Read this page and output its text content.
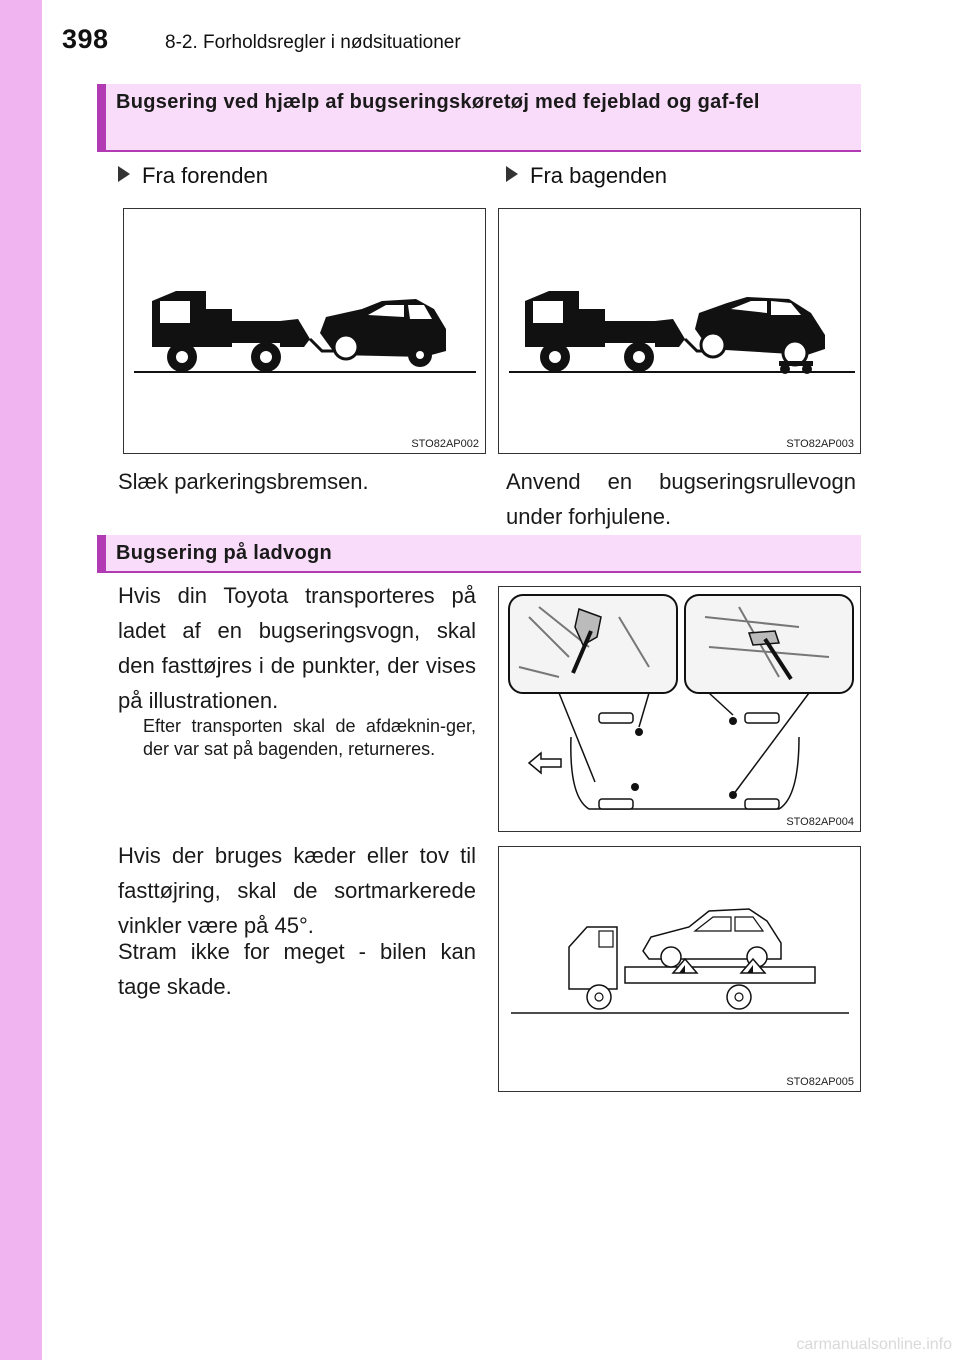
398	8-2. Forholdsregler i nødsituationer
Bugsering ved hjælp af bugseringskøretøj med fejeblad og gaf-fel
Fra forenden	Fra bagenden
STO82AP002	STO82AP003
Slæk parkeringsbremsen.	Anvend en bugseringsrullevogn under forhjulene.
Bugsering på ladvogn
Hvis din Toyota transporteres på ladet af en bugseringsvogn, skal den fasttøjres i de punkter, der vises på illustrationen.
Efter transporten skal de afdæknin-ger, der var sat på bagenden, returneres.
Hvis der bruges kæder eller tov til fasttøjring, skal de sortmarkerede vinkler være på 45°.
Stram ikke for meget - bilen kan tage skade.
STO82AP004
STO82AP005
carmanualsonline.info
